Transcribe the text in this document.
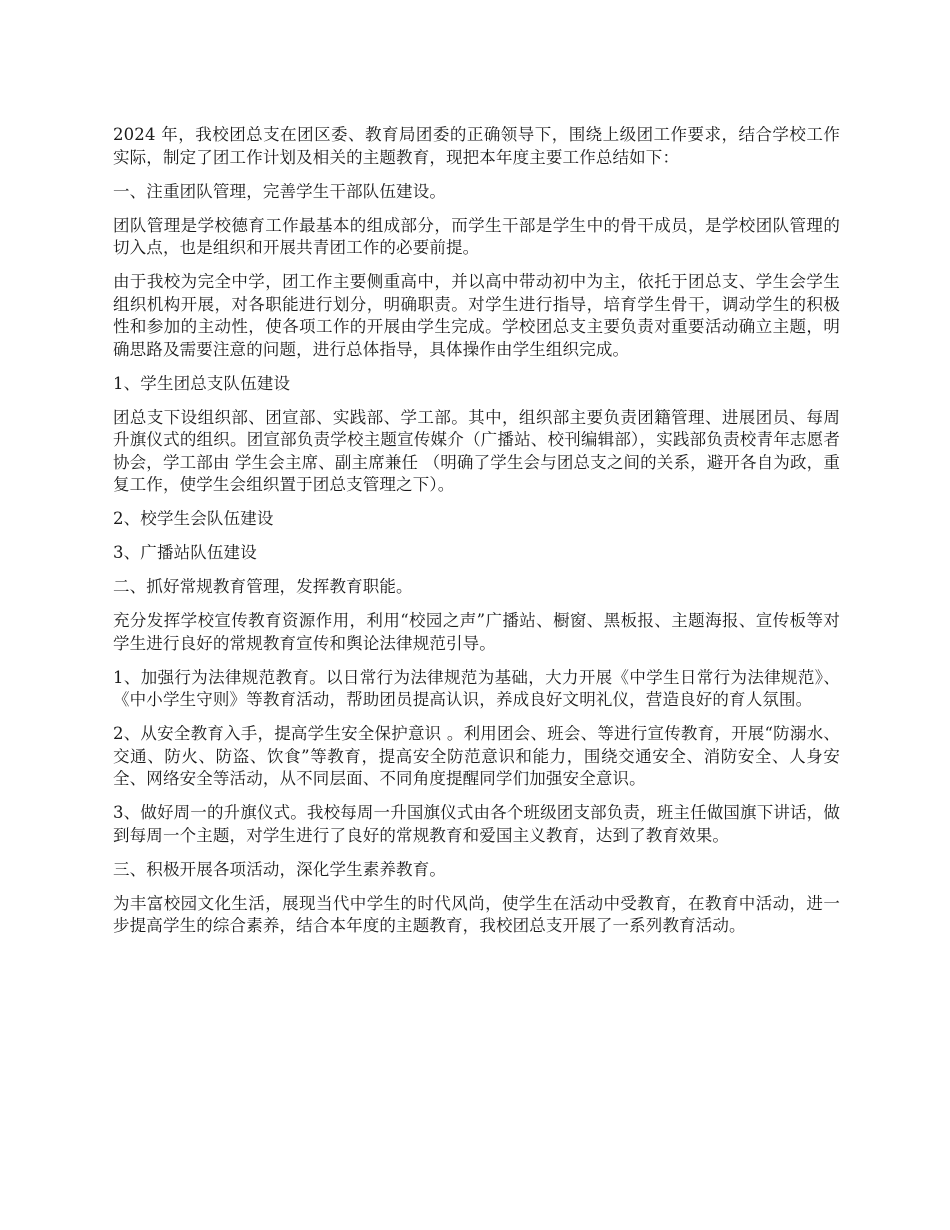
2024 年，我校团总支在团区委、教育局团委的正确领导下，围绕上级团工作要求，结合学校工作实际，制定了团工作计划及相关的主题教育，现把本年度主要工作总结如下：

一、注重团队管理，完善学生干部队伍建设。

团队管理是学校德育工作最基本的组成部分，而学生干部是学生中的骨干成员，是学校团队管理的切入点，也是组织和开展共青团工作的必要前提。

由于我校为完全中学，团工作主要侧重高中，并以高中带动初中为主，依托于团总支、学生会学生组织机构开展，对各职能进行划分，明确职责。对学生进行指导，培育学生骨干，调动学生的积极性和参加的主动性，使各项工作的开展由学生完成。学校团总支主要负责对重要活动确立主题，明确思路及需要注意的问题，进行总体指导，具体操作由学生组织完成。

1、学生团总支队伍建设

团总支下设组织部、团宣部、实践部、学工部。其中，组织部主要负责团籍管理、进展团员、每周升旗仪式的组织。团宣部负责学校主题宣传媒介（广播站、校刊编辑部），实践部负责校青年志愿者协会，学工部由 学生会主席、副主席兼任 （明确了学生会与团总支之间的关系，避开各自为政，重复工作，使学生会组织置于团总支管理之下）。

2、校学生会队伍建设

3、广播站队伍建设

二、抓好常规教育管理，发挥教育职能。

充分发挥学校宣传教育资源作用，利用“校园之声”广播站、橱窗、黑板报、主题海报、宣传板等对学生进行良好的常规教育宣传和舆论法律规范引导。

1、加强行为法律规范教育。以日常行为法律规范为基础，大力开展《中学生日常行为法律规范》、《中小学生守则》等教育活动，帮助团员提高认识，养成良好文明礼仪，营造良好的育人氛围。

2、从安全教育入手，提高学生安全保护意识 。利用团会、班会、等进行宣传教育，开展“防溺水、交通、防火、防盗、饮食”等教育，提高安全防范意识和能力，围绕交通安全、消防安全、人身安全、网络安全等活动，从不同层面、不同角度提醒同学们加强安全意识。

3、做好周一的升旗仪式。我校每周一升国旗仪式由各个班级团支部负责，班主任做国旗下讲话，做到每周一个主题，对学生进行了良好的常规教育和爱国主义教育，达到了教育效果。

三、积极开展各项活动，深化学生素养教育。

为丰富校园文化生活，展现当代中学生的时代风尚，使学生在活动中受教育，在教育中活动，进一步提高学生的综合素养，结合本年度的主题教育，我校团总支开展了一系列教育活动。
